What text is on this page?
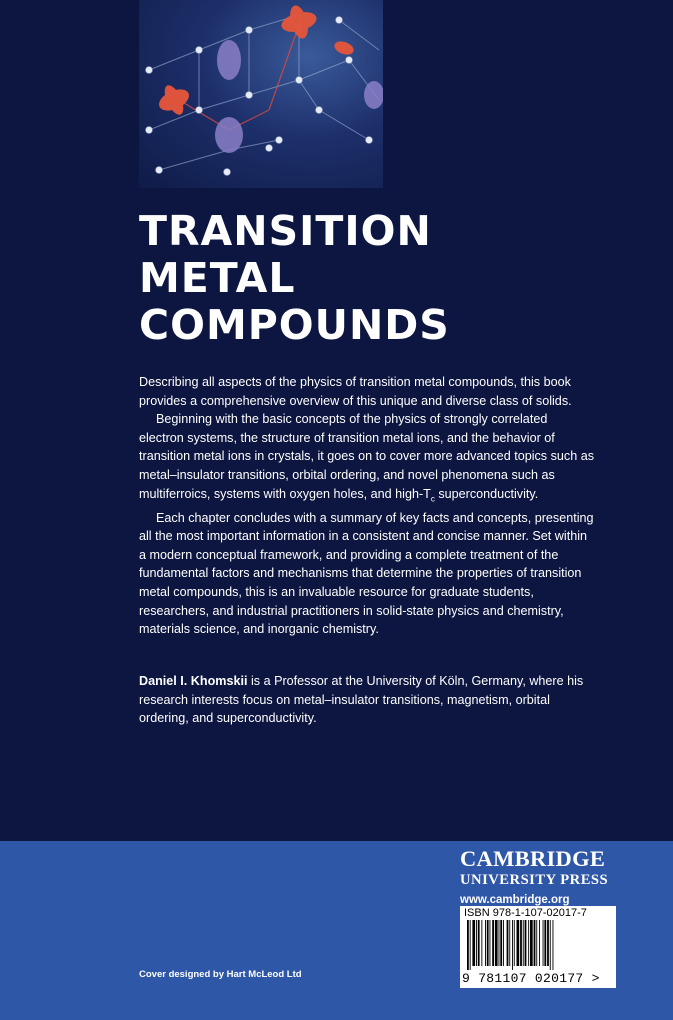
TRANSITION
METAL
COMPOUNDS

Describing all aspects of the physics of transition metal compounds, this book provides a comprehensive overview of this unique and diverse class of solids.

Beginning with the basic concepts of the physics of strongly correlated electron systems, the structure of transition metal ions, and the behavior of transition metal ions in crystals, it goes on to cover more advanced topics such as metal–insulator transitions, orbital ordering, and novel phenomena such as multiferroics, systems with oxygen holes, and high-$T_c$ superconductivity.

Each chapter concludes with a summary of key facts and concepts, presenting all the most important information in a consistent and concise manner. Set within a modern conceptual framework, and providing a complete treatment of the fundamental factors and mechanisms that determine the properties of transition metal compounds, this is an invaluable resource for graduate students, researchers, and industrial practitioners in solid-state physics and chemistry, materials science, and inorganic chemistry.

Daniel I. Khomskii is a Professor at the University of Köln, Germany, where his research interests focus on metal–insulator transitions, magnetism, orbital ordering, and superconductivity.

CAMBRIDGE
UNIVERSITY PRESS
www.cambridge.org
ISBN 978-1-107-02017-7
9 781107 020177 >
Cover designed by Hart McLeod Ltd
